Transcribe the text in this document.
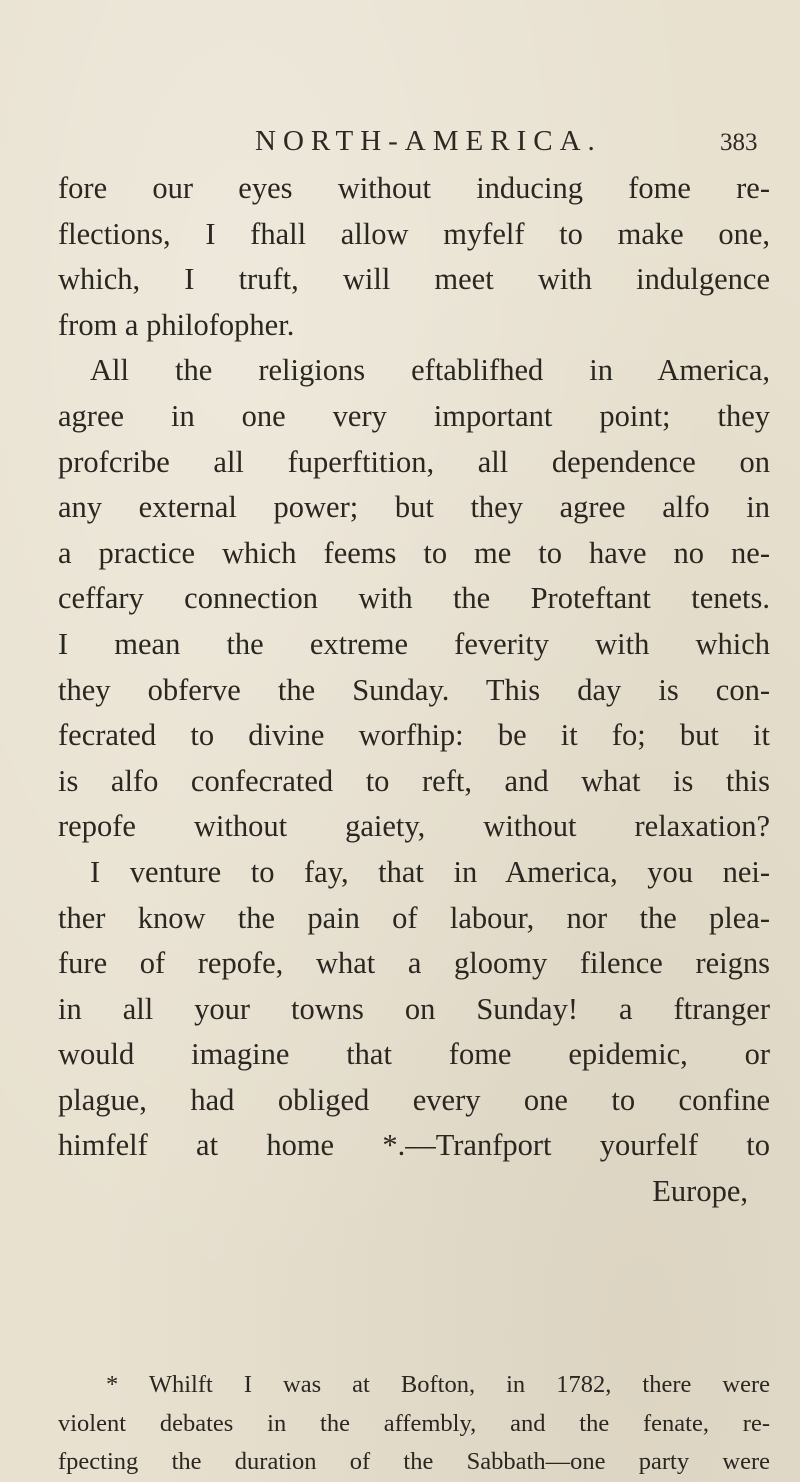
NORTH-AMERICA.	383
fore our eyes without inducing fome re-
flections, I fhall allow myfelf to make one,
which, I truft, will meet with indulgence
from a philofopher.
All the religions eftablifhed in America,
agree in one very important point; they
profcribe all fuperftition, all dependence on
any external power; but they agree alfo in
a practice which feems to me to have no ne-
ceffary connection with the Proteftant tenets.
I mean the extreme feverity with which
they obferve the Sunday. This day is con-
fecrated to divine worfhip: be it fo; but it
is alfo confecrated to reft, and what is this
repofe without gaiety, without relaxation?
I venture to fay, that in America, you nei-
ther know the pain of labour, nor the plea-
fure of repofe, what a gloomy filence reigns
in all your towns on Sunday! a ftranger
would imagine that fome epidemic, or
plague, had obliged every one to confine
himfelf at home *.—Tranfport yourfelf to
Europe,
* Whilft I was at Bofton, in 1782, there were
violent debates in the affembly, and the fenate, re-
fpecting the duration of the Sabbath—one party were
